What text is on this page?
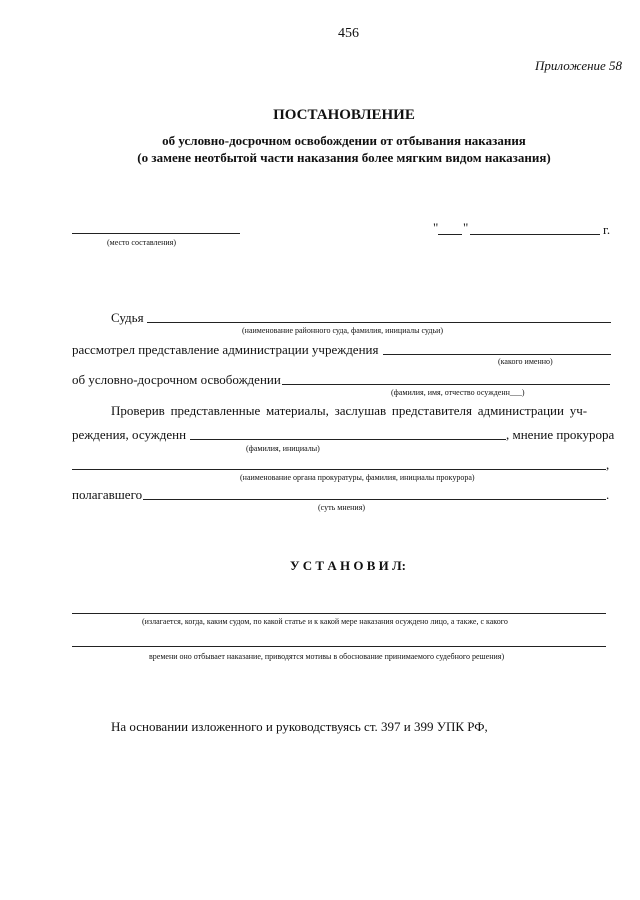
456
Приложение 58
ПОСТАНОВЛЕНИЕ
об условно-досрочном освобождении от отбывания наказания
(о замене неотбытой части наказания более мягким видом наказания)
(место составления)
" "	г.
Судья
(наименование районного суда, фамилия, инициалы судьи)
рассмотрел представление администрации учреждения
(какого именно)
об условно-досрочном освобождении
(фамилия, имя, отчество осужденн___)
Проверив представленные материалы, заслушав представителя администрации уч-
реждения, осужденн	, мнение прокурора
(фамилия, инициалы)
,
(наименование органа прокуратуры, фамилия, инициалы прокурора)
полагавшего	.
(суть мнения)
У С Т А Н О В И Л:
(излагается, когда, каким судом, по какой статье и к какой мере наказания осуждено лицо, а также, с какого
времени оно отбывает наказание, приводятся мотивы в обоснование принимаемого судебного решения)
На основании изложенного и руководствуясь ст. 397 и 399 УПК РФ,
